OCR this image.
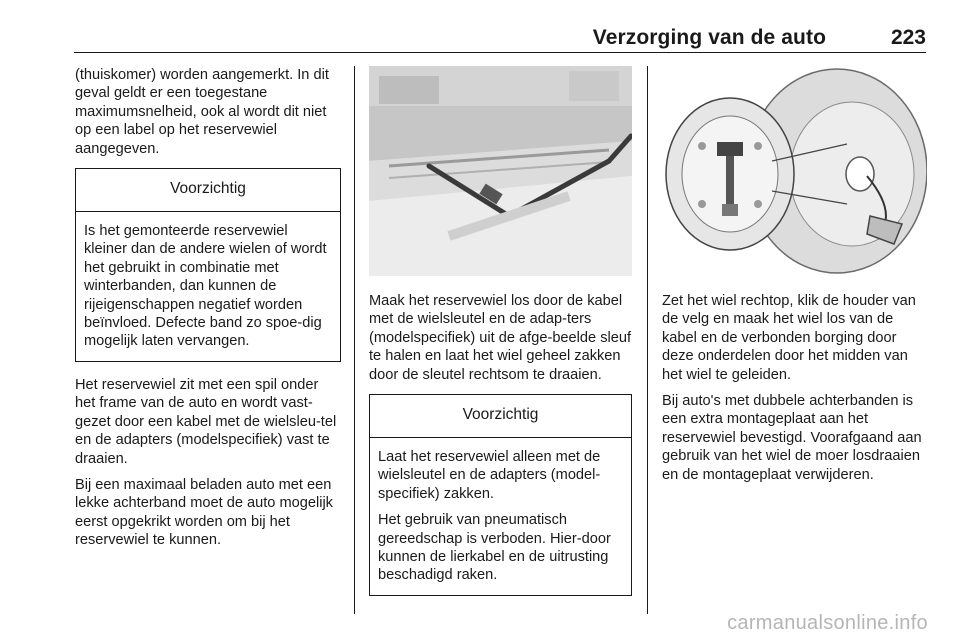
Verzorging van de auto	223

(thuiskomer) worden aangemerkt. In dit geval geldt er een toegestane maximumsnelheid, ook al wordt dit niet op een label op het reservewiel aangegeven.

Voorzichtig

Is het gemonteerde reservewiel kleiner dan de andere wielen of wordt het gebruikt in combinatie met winterbanden, dan kunnen de rijeigenschappen negatief worden beïnvloed. Defecte band zo spoe-dig mogelijk laten vervangen.

Het reservewiel zit met een spil onder het frame van de auto en wordt vast-gezet door een kabel met de wielsleu-tel en de adapters (modelspecifiek) vast te draaien.

Bij een maximaal beladen auto met een lekke achterband moet de auto mogelijk eerst opgekrikt worden om bij het reservewiel te kunnen.

Maak het reservewiel los door de kabel met de wielsleutel en de adap-ters (modelspecifiek) uit de afge-beelde sleuf te halen en laat het wiel geheel zakken door de sleutel rechtsom te draaien.

Voorzichtig

Laat het reservewiel alleen met de wielsleutel en de adapters (model-specifiek) zakken.

Het gebruik van pneumatisch gereedschap is verboden. Hier-door kunnen de lierkabel en de uitrusting beschadigd raken.

Zet het wiel rechtop, klik de houder van de velg en maak het wiel los van de kabel en de verbonden borging door deze onderdelen door het midden van het wiel te geleiden.

Bij auto's met dubbele achterbanden is een extra montageplaat aan het reservewiel bevestigd. Voorafgaand aan gebruik van het wiel de moer losdraaien en de montageplaat verwijderen.

carmanualsonline.info
